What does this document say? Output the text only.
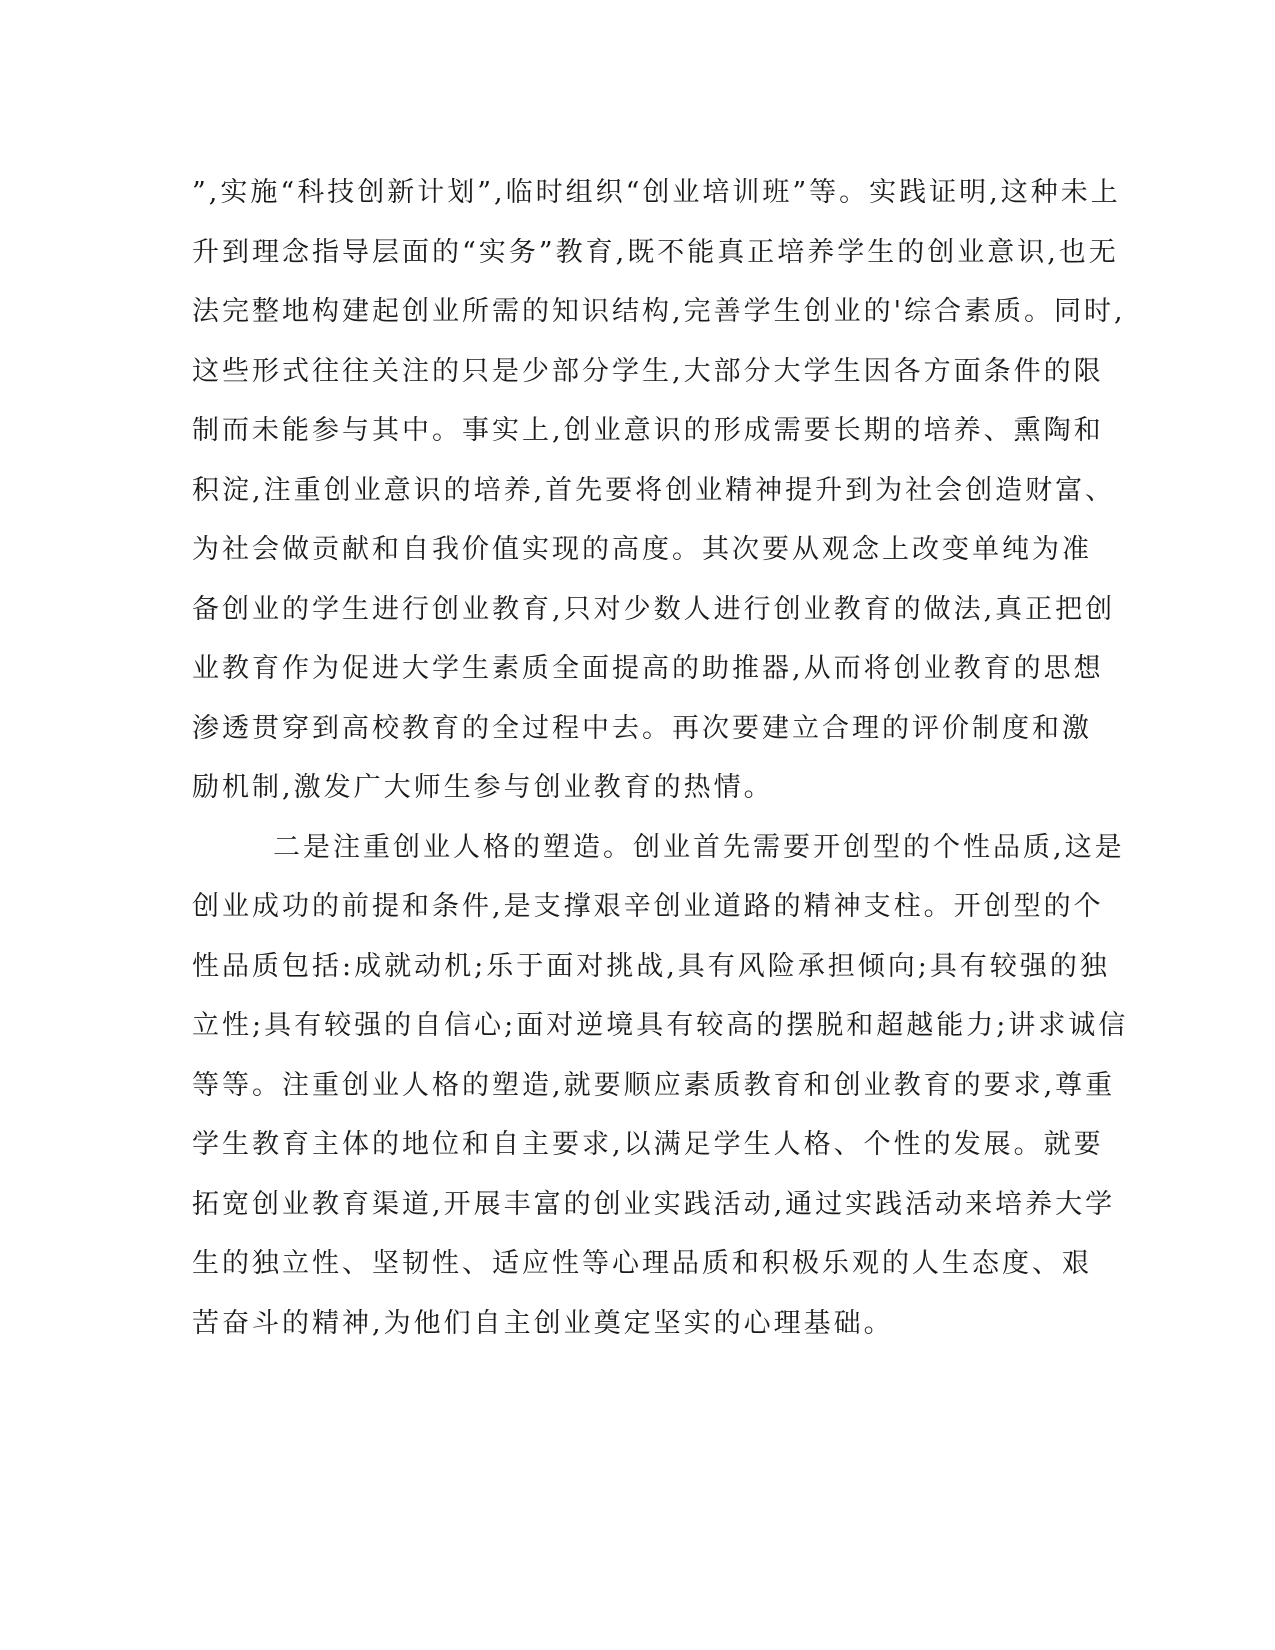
”,实施“科技创新计划”,临时组织“创业培训班”等。实践证明,这种未上
升到理念指导层面的“实务”教育,既不能真正培养学生的创业意识,也无
法完整地构建起创业所需的知识结构,完善学生创业的'综合素质。同时,
这些形式往往关注的只是少部分学生,大部分大学生因各方面条件的限
制而未能参与其中。事实上,创业意识的形成需要长期的培养、熏陶和
积淀,注重创业意识的培养,首先要将创业精神提升到为社会创造财富、
为社会做贡献和自我价值实现的高度。其次要从观念上改变单纯为准
备创业的学生进行创业教育,只对少数人进行创业教育的做法,真正把创
业教育作为促进大学生素质全面提高的助推器,从而将创业教育的思想
渗透贯穿到高校教育的全过程中去。再次要建立合理的评价制度和激
励机制,激发广大师生参与创业教育的热情。
二是注重创业人格的塑造。创业首先需要开创型的个性品质,这是
创业成功的前提和条件,是支撑艰辛创业道路的精神支柱。开创型的个
性品质包括:成就动机;乐于面对挑战,具有风险承担倾向;具有较强的独
立性;具有较强的自信心;面对逆境具有较高的摆脱和超越能力;讲求诚信
等等。注重创业人格的塑造,就要顺应素质教育和创业教育的要求,尊重
学生教育主体的地位和自主要求,以满足学生人格、个性的发展。就要
拓宽创业教育渠道,开展丰富的创业实践活动,通过实践活动来培养大学
生的独立性、坚韧性、适应性等心理品质和积极乐观的人生态度、艰
苦奋斗的精神,为他们自主创业奠定坚实的心理基础。
